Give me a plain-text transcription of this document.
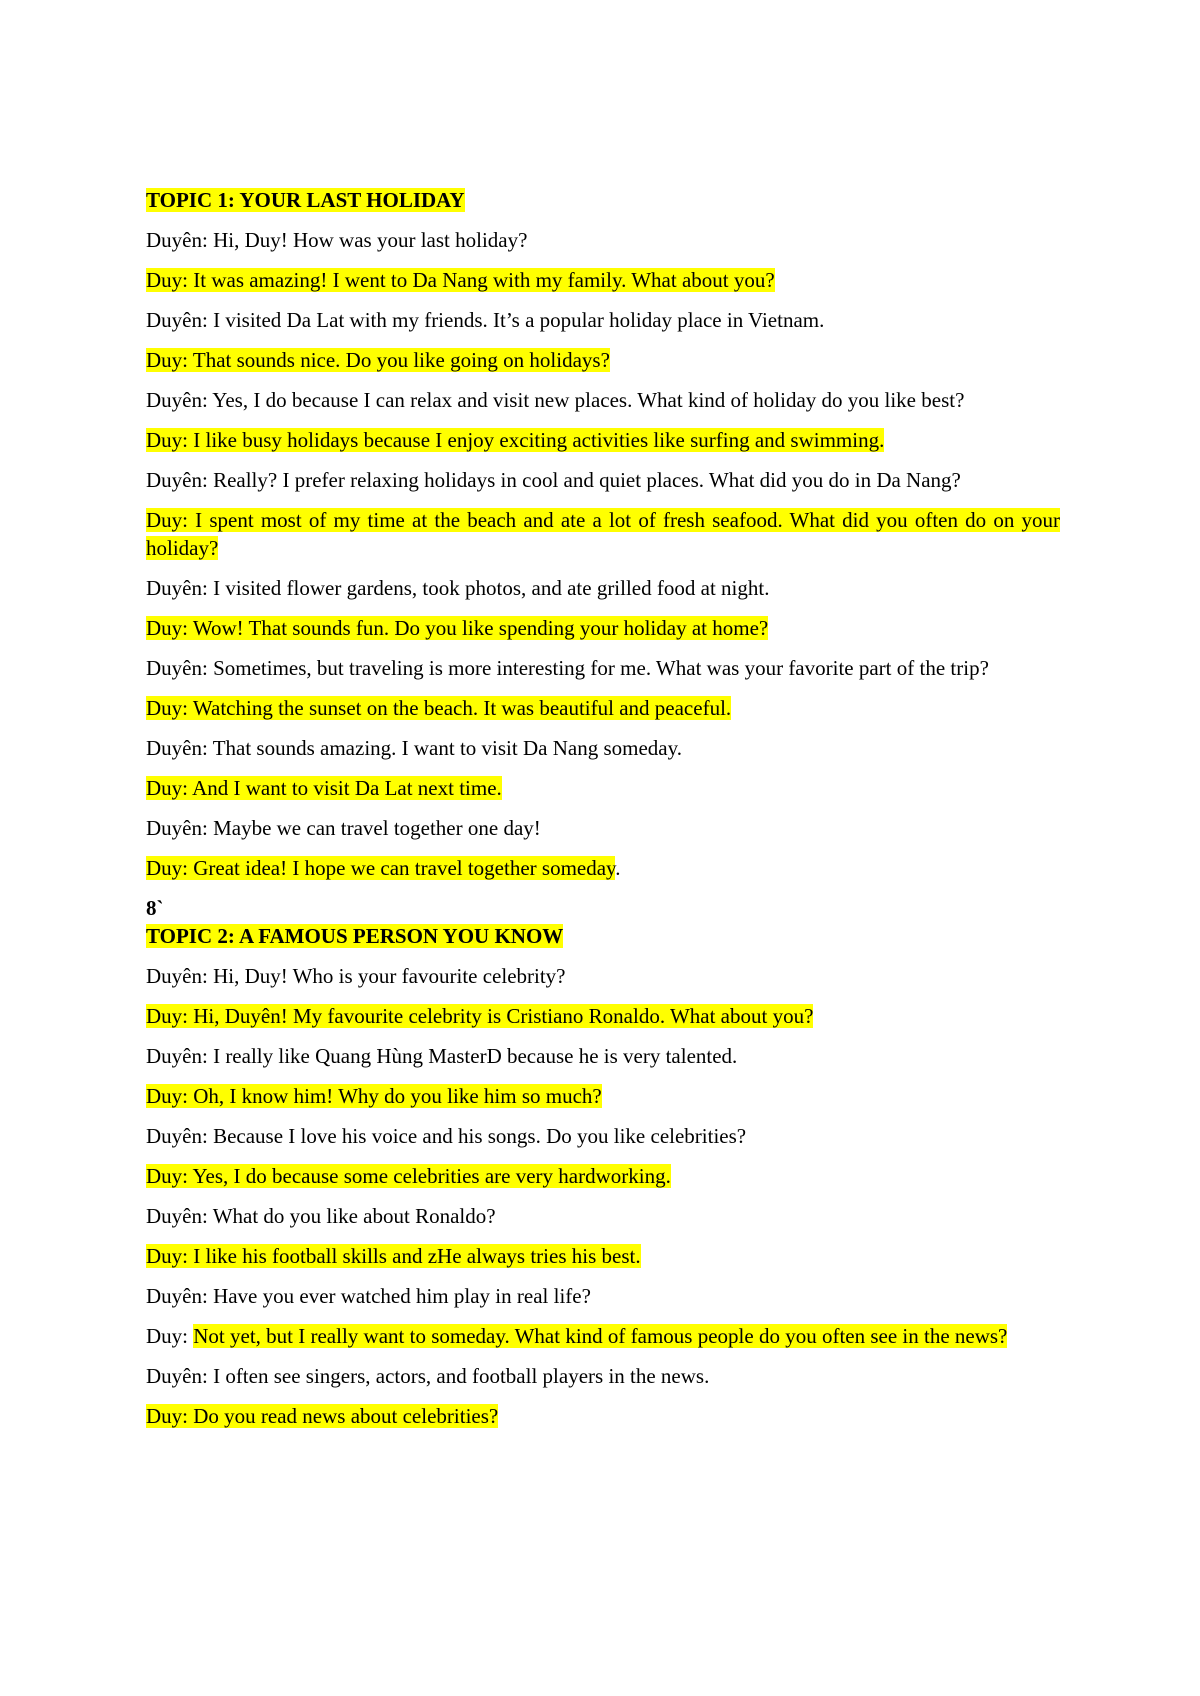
TOPIC 1: YOUR LAST HOLIDAY
Duyên: Hi, Duy! How was your last holiday?
Duy: It was amazing! I went to Da Nang with my family. What about you?
Duyên: I visited Da Lat with my friends. It’s a popular holiday place in Vietnam.
Duy: That sounds nice. Do you like going on holidays?
Duyên: Yes, I do because I can relax and visit new places. What kind of holiday do you like best?
Duy: I like busy holidays because I enjoy exciting activities like surfing and swimming.
Duyên: Really? I prefer relaxing holidays in cool and quiet places. What did you do in Da Nang?
Duy: I spent most of my time at the beach and ate a lot of fresh seafood. What did you often do on your holiday?
Duyên: I visited flower gardens, took photos, and ate grilled food at night.
Duy: Wow! That sounds fun. Do you like spending your holiday at home?
Duyên: Sometimes, but traveling is more interesting for me. What was your favorite part of the trip?
Duy: Watching the sunset on the beach. It was beautiful and peaceful.
Duyên: That sounds amazing. I want to visit Da Nang someday.
Duy: And I want to visit Da Lat next time.
Duyên: Maybe we can travel together one day!
Duy: Great idea! I hope we can travel together someday.
8`
TOPIC 2: A FAMOUS PERSON YOU KNOW
Duyên: Hi, Duy! Who is your favourite celebrity?
Duy: Hi, Duyên! My favourite celebrity is Cristiano Ronaldo. What about you?
Duyên: I really like Quang Hùng MasterD because he is very talented.
Duy: Oh, I know him! Why do you like him so much?
Duyên: Because I love his voice and his songs. Do you like celebrities?
Duy: Yes, I do because some celebrities are very hardworking.
Duyên: What do you like about Ronaldo?
Duy: I like his football skills and zHe always tries his best.
Duyên: Have you ever watched him play in real life?
Duy: Not yet, but I really want to someday. What kind of famous people do you often see in the news?
Duyên: I often see singers, actors, and football players in the news.
Duy: Do you read news about celebrities?
